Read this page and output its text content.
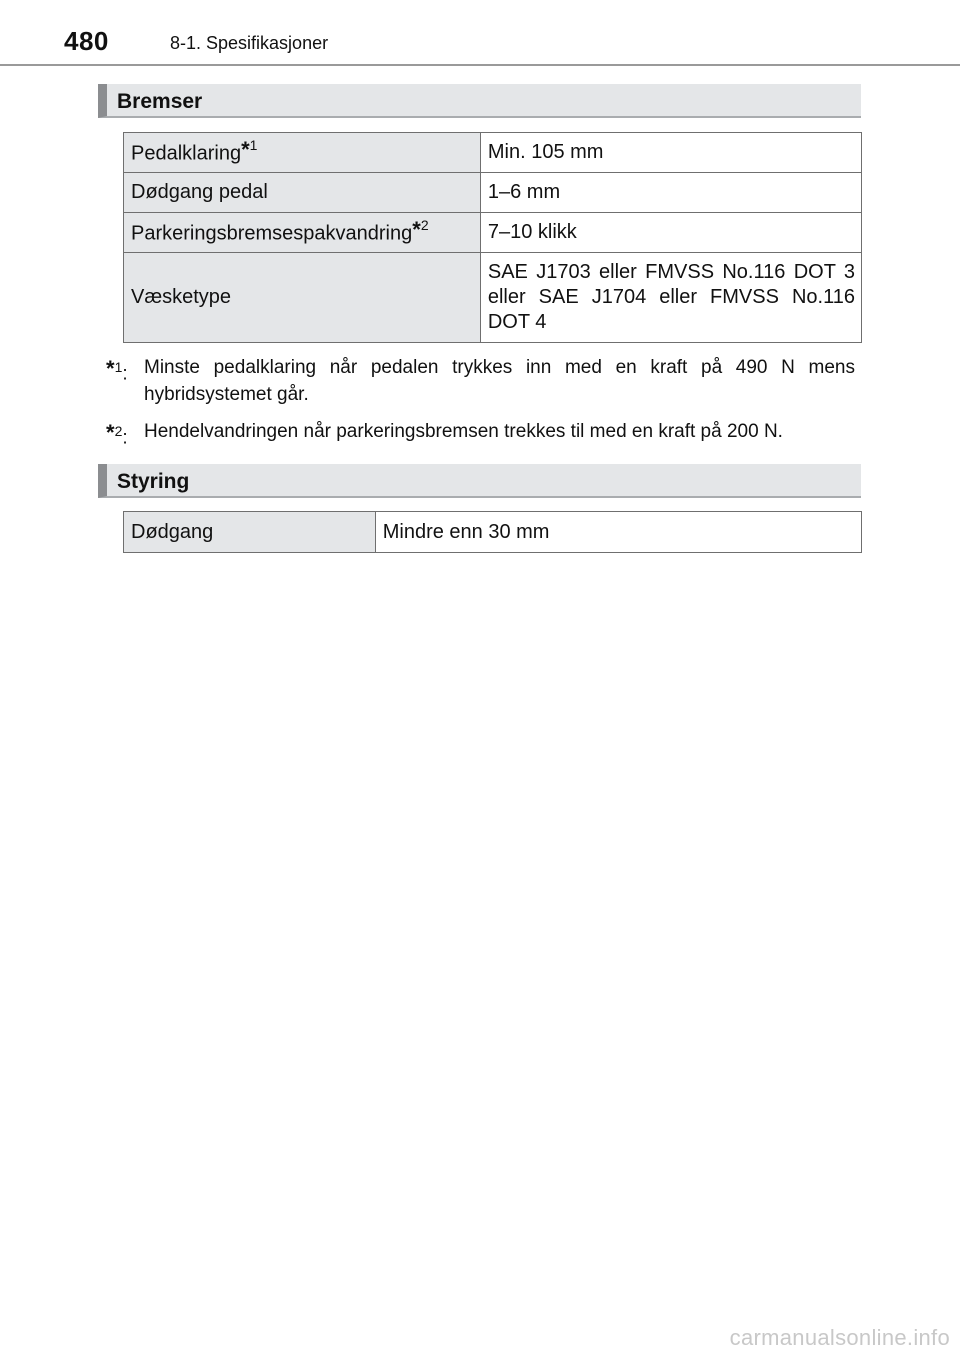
480	8-1. Spesifikasjoner
Bremser
Pedalklaring*$^1$	Min. 105 mm
Dødgang pedal	1–6 mm
Parkeringsbremsespakvandring*$^2$	7–10 klikk
Væsketype	SAE J1703 eller FMVSS No.116 DOT 3 eller SAE J1704 eller FMVSS No.116 DOT 4
*$^1$: Minste pedalklaring når pedalen trykkes inn med en kraft på 490 N mens hybridsystemet går.
*$^2$: Hendelvandringen når parkeringsbremsen trekkes til med en kraft på 200 N.
Styring
Dødgang	Mindre enn 30 mm
carmanualsonline.info
